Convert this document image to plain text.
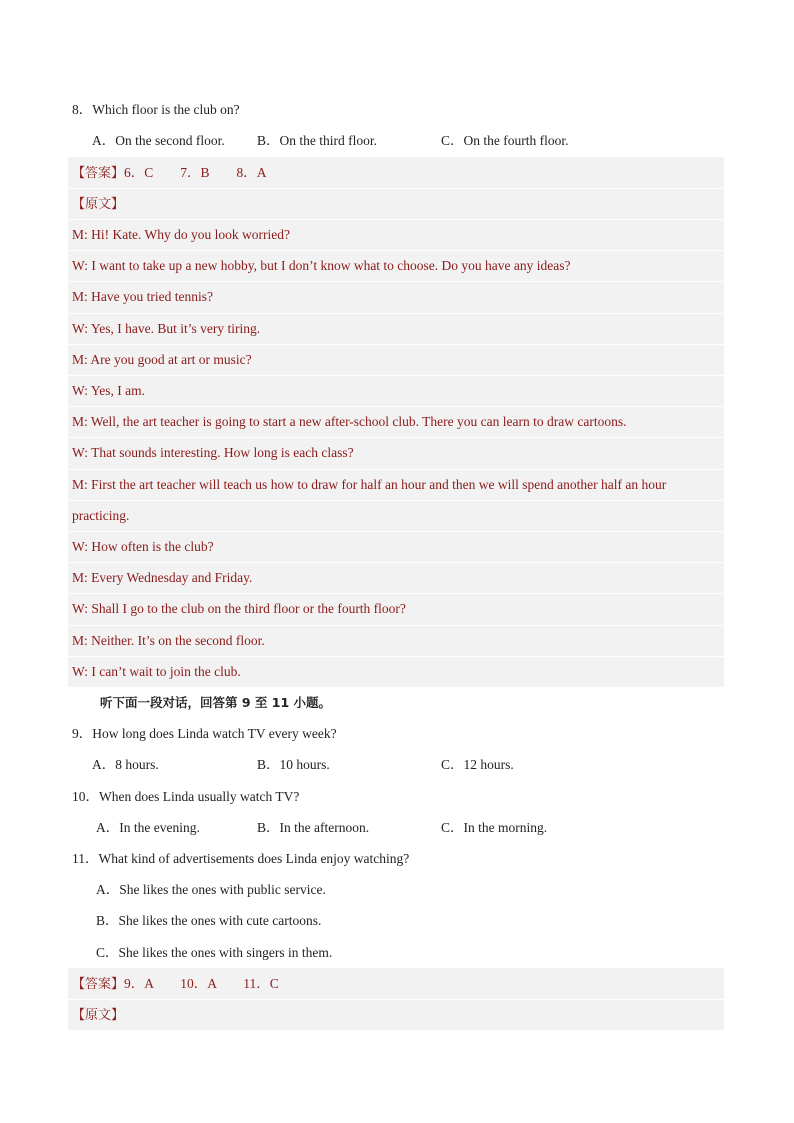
8．Which floor is the club on?
A．On the second floor. B．On the third floor.	C．On the fourth floor.
【答案】6．C　　7．B　　8．A
【原文】
M: Hi! Kate. Why do you look worried?
W: I want to take up a new hobby, but I don’t know what to choose. Do you have any ideas?
M: Have you tried tennis?
W: Yes, I have. But it’s very tiring.
M: Are you good at art or music?
W: Yes, I am.
M: Well, the art teacher is going to start a new after-school club. There you can learn to draw cartoons.
W: That sounds interesting. How long is each class?
M: First the art teacher will teach us how to draw for half an hour and then we will spend another half an hour
practicing.
W: How often is the club?
M: Every Wednesday and Friday.
W: Shall I go to the club on the third floor or the fourth floor?
M: Neither. It’s on the second floor.
W: I can’t wait to join the club.
听下面一段对话，回答第 9 至 11 小题。
9．How long does Linda watch TV every week?
A．8 hours.	B．10 hours.	C．12 hours.
10．When does Linda usually watch TV?
A．In the evening.	B．In the afternoon.	C．In the morning.
11．What kind of advertisements does Linda enjoy watching?
A．She likes the ones with public service.
B．She likes the ones with cute cartoons.
C．She likes the ones with singers in them.
【答案】9．A　　10．A　　11．C
【原文】
